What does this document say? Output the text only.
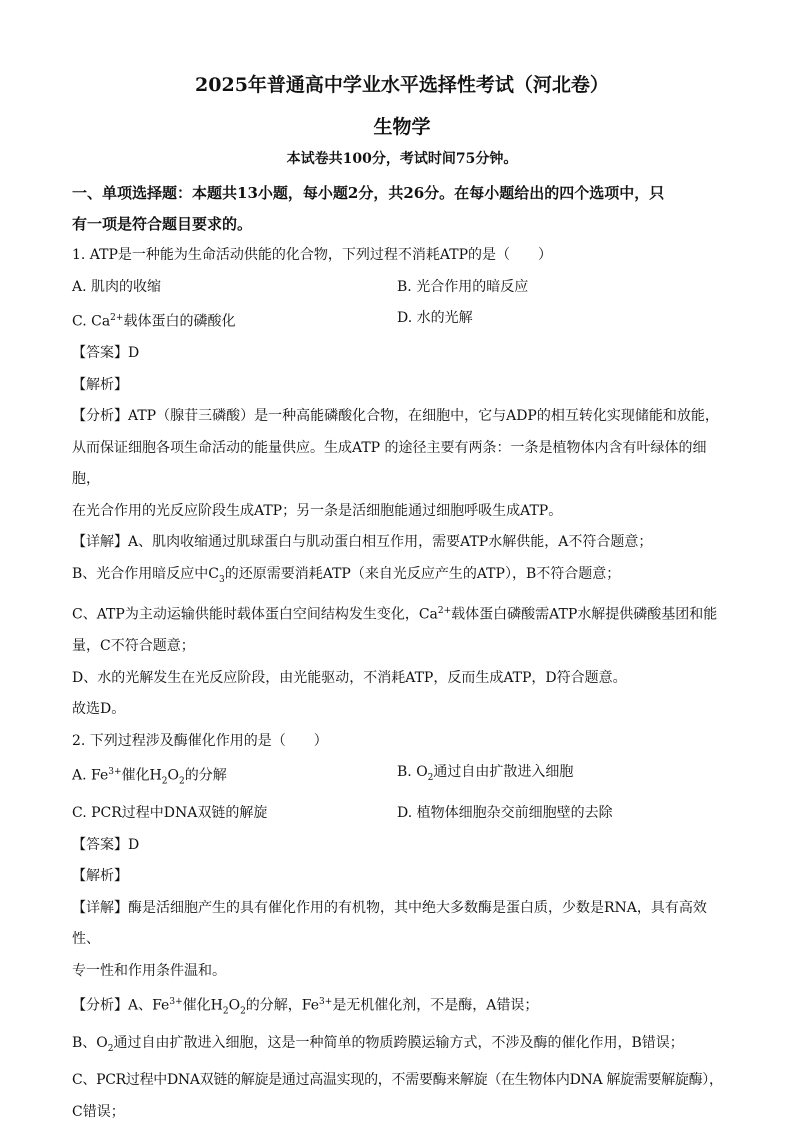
2025年普通高中学业水平选择性考试（河北卷）
生物学
本试卷共100分，考试时间75分钟。
一、单项选择题：本题共13小题，每小题2分，共26分。在每小题给出的四个选项中，只
有一项是符合题目要求的。
1. ATP是一种能为生命活动供能的化合物，下列过程不消耗ATP的是（　　）
A. 肌肉的收缩	B. 光合作用的暗反应
C. $Ca^{2+}$载体蛋白的磷酸化	D. 水的光解
【答案】D
【解析】
【分析】ATP（腺苷三磷酸）是一种高能磷酸化合物，在细胞中，它与ADP的相互转化实现储能和放能，
从而保证细胞各项生命活动的能量供应。生成ATP 的途径主要有两条：一条是植物体内含有叶绿体的细胞，
在光合作用的光反应阶段生成ATP；另一条是活细胞能通过细胞呼吸生成ATP。
【详解】A、肌肉收缩通过肌球蛋白与肌动蛋白相互作用，需要ATP水解供能，A不符合题意；
B、光合作用暗反应中$C_3$的还原需要消耗ATP（来自光反应产生的ATP），B不符合题意；
C、ATP为主动运输供能时载体蛋白空间结构发生变化，$Ca^{2+}$载体蛋白磷酸需ATP水解提供磷酸基团和能
量，C不符合题意；
D、水的光解发生在光反应阶段，由光能驱动，不消耗ATP，反而生成ATP，D符合题意。
故选D。
2. 下列过程涉及酶催化作用的是（　　）
A. $Fe^{3+}$催化$H_2O_2$的分解	B. $O_2$通过自由扩散进入细胞
C. PCR过程中DNA双链的解旋	D. 植物体细胞杂交前细胞壁的去除
【答案】D
【解析】
【详解】酶是活细胞产生的具有催化作用的有机物，其中绝大多数酶是蛋白质，少数是RNA，具有高效性、
专一性和作用条件温和。
【分析】A、$Fe^{3+}$催化$H_2O_2$的分解，$Fe^{3+}$是无机催化剂，不是酶，A错误；
B、$O_2$通过自由扩散进入细胞，这是一种简单的物质跨膜运输方式，不涉及酶的催化作用，B错误；
C、PCR过程中DNA双链的解旋是通过高温实现的，不需要酶来解旋（在生物体内DNA 解旋需要解旋酶），
C错误；
